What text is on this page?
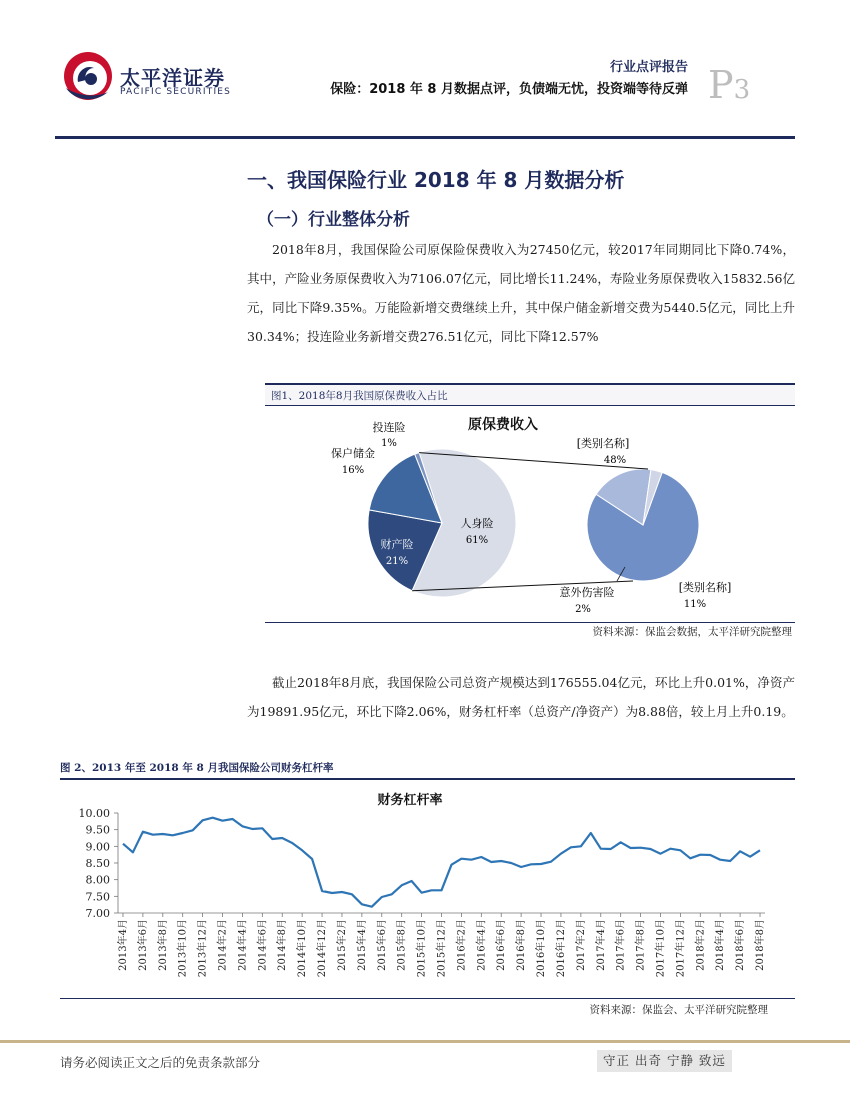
太平洋证券
PACIFIC SECURITIES
行业点评报告
保险：2018 年 8 月数据点评，负债端无忧，投资端等待反弹 P3
一、我国保险行业 2018 年 8 月数据分析
（一）行业整体分析
2018年8月，我国保险公司原保险保费收入为27450亿元，较2017年同期同比下降0.74%，其中，产险业务原保费收入为7106.07亿元，同比增长11.24%，寿险业务原保费收入15832.56亿元，同比下降9.35%。万能险新增交费继续上升，其中保户储金新增交费为5440.5亿元，同比上升30.34%；投连险业务新增交费276.51亿元，同比下降12.57%
图1、2018年8月我国原保费收入占比
原保费收入
投连险
1%
保户储金
16%
人身险
61%
财产险
21%
[类别名称]
48%
[类别名称]
11%
意外伤害险
2%
资料来源：保监会数据，太平洋研究院整理
截止2018年8月底，我国保险公司总资产规模达到176555.04亿元，环比上升0.01%，净资产为19891.95亿元，环比下降2.06%，财务杠杆率（总资产/净资产）为8.88倍，较上月上升0.19。
图 2、2013 年至 2018 年 8 月我国保险公司财务杠杆率
财务杠杆率
7.00
7.50
8.00
8.50
9.00
9.50
10.00
2013年4月 2013年6月 2013年8月 2013年10月 2013年12月 2014年2月 2014年4月 2014年6月 2014年8月 2014年10月 2014年12月 2015年2月 2015年4月 2015年6月 2015年8月 2015年10月 2015年12月 2016年2月 2016年4月 2016年6月 2016年8月 2016年10月 2016年12月 2017年2月 2017年4月 2017年6月 2017年8月 2017年10月 2017年12月 2018年2月 2018年4月 2018年6月 2018年8月
资料来源：保监会、太平洋研究院整理
请务必阅读正文之后的免责条款部分	守正 出奇 宁静 致远
